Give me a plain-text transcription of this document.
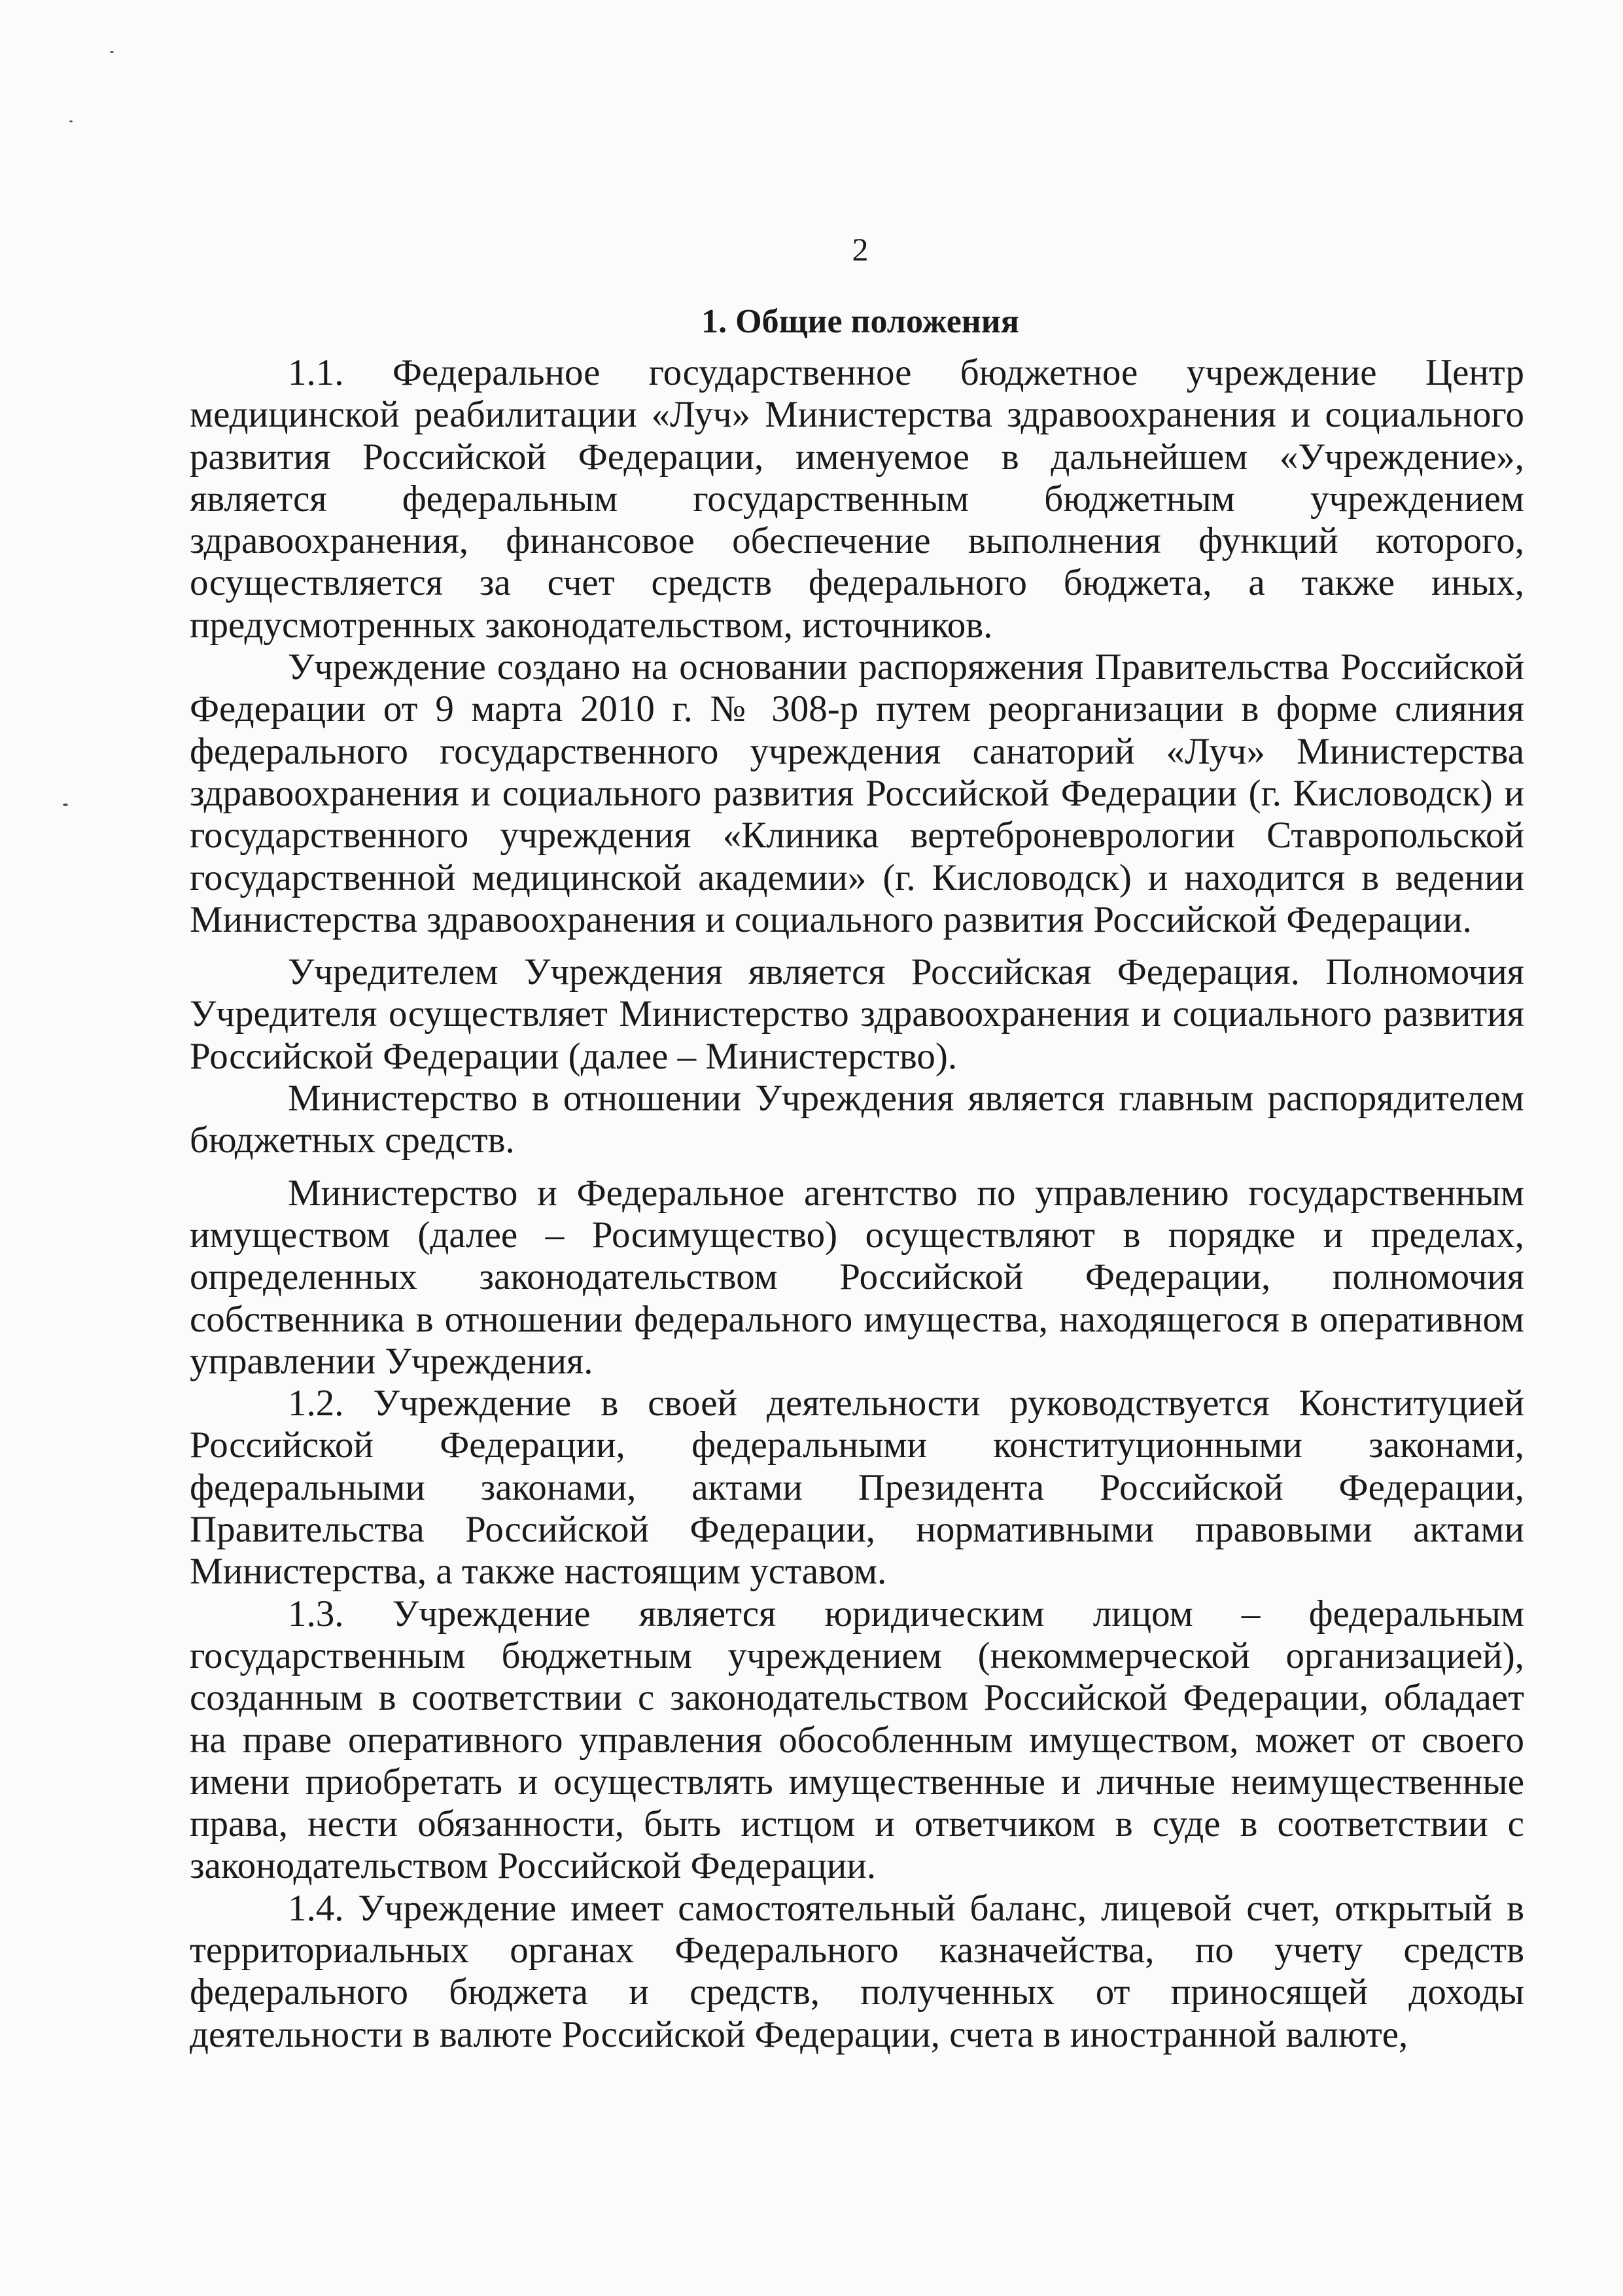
2
1. Общие положения

1.1. Федеральное государственное бюджетное учреждение Центр медицинской реабилитации «Луч» Министерства здравоохранения и социального развития Российской Федерации, именуемое в дальнейшем «Учреждение», является федеральным государственным бюджетным учреждением здравоохранения, финансовое обеспечение выполнения функций которого, осуществляется за счет средств федерального бюджета, а также иных, предусмотренных законодательством, источников.

Учреждение создано на основании распоряжения Правительства Российской Федерации от 9 марта 2010 г. № 308-р путем реорганизации в форме слияния федерального государственного учреждения санаторий «Луч» Министерства здравоохранения и социального развития Российской Федерации (г. Кисловодск) и государственного учреждения «Клиника вертеброневрологии Ставропольской государственной медицинской академии» (г. Кисловодск) и находится в ведении Министерства здравоохранения и социального развития Российской Федерации.

Учредителем Учреждения является Российская Федерация. Полномочия Учредителя осуществляет Министерство здравоохранения и социального развития Российской Федерации (далее – Министерство).

Министерство в отношении Учреждения является главным распорядителем бюджетных средств.

Министерство и Федеральное агентство по управлению государственным имуществом (далее – Росимущество) осуществляют в порядке и пределах, определенных законодательством Российской Федерации, полномочия собственника в отношении федерального имущества, находящегося в оперативном управлении Учреждения.

1.2. Учреждение в своей деятельности руководствуется Конституцией Российской Федерации, федеральными конституционными законами, федеральными законами, актами Президента Российской Федерации, Правительства Российской Федерации, нормативными правовыми актами Министерства, а также настоящим уставом.

1.3. Учреждение является юридическим лицом – федеральным государственным бюджетным учреждением (некоммерческой организацией), созданным в соответствии с законодательством Российской Федерации, обладает на праве оперативного управления обособленным имуществом, может от своего имени приобретать и осуществлять имущественные и личные неимущественные права, нести обязанности, быть истцом и ответчиком в суде в соответствии с законодательством Российской Федерации.

1.4. Учреждение имеет самостоятельный баланс, лицевой счет, открытый в территориальных органах Федерального казначейства, по учету средств федерального бюджета и средств, полученных от приносящей доходы деятельности в валюте Российской Федерации, счета в иностранной валюте,
